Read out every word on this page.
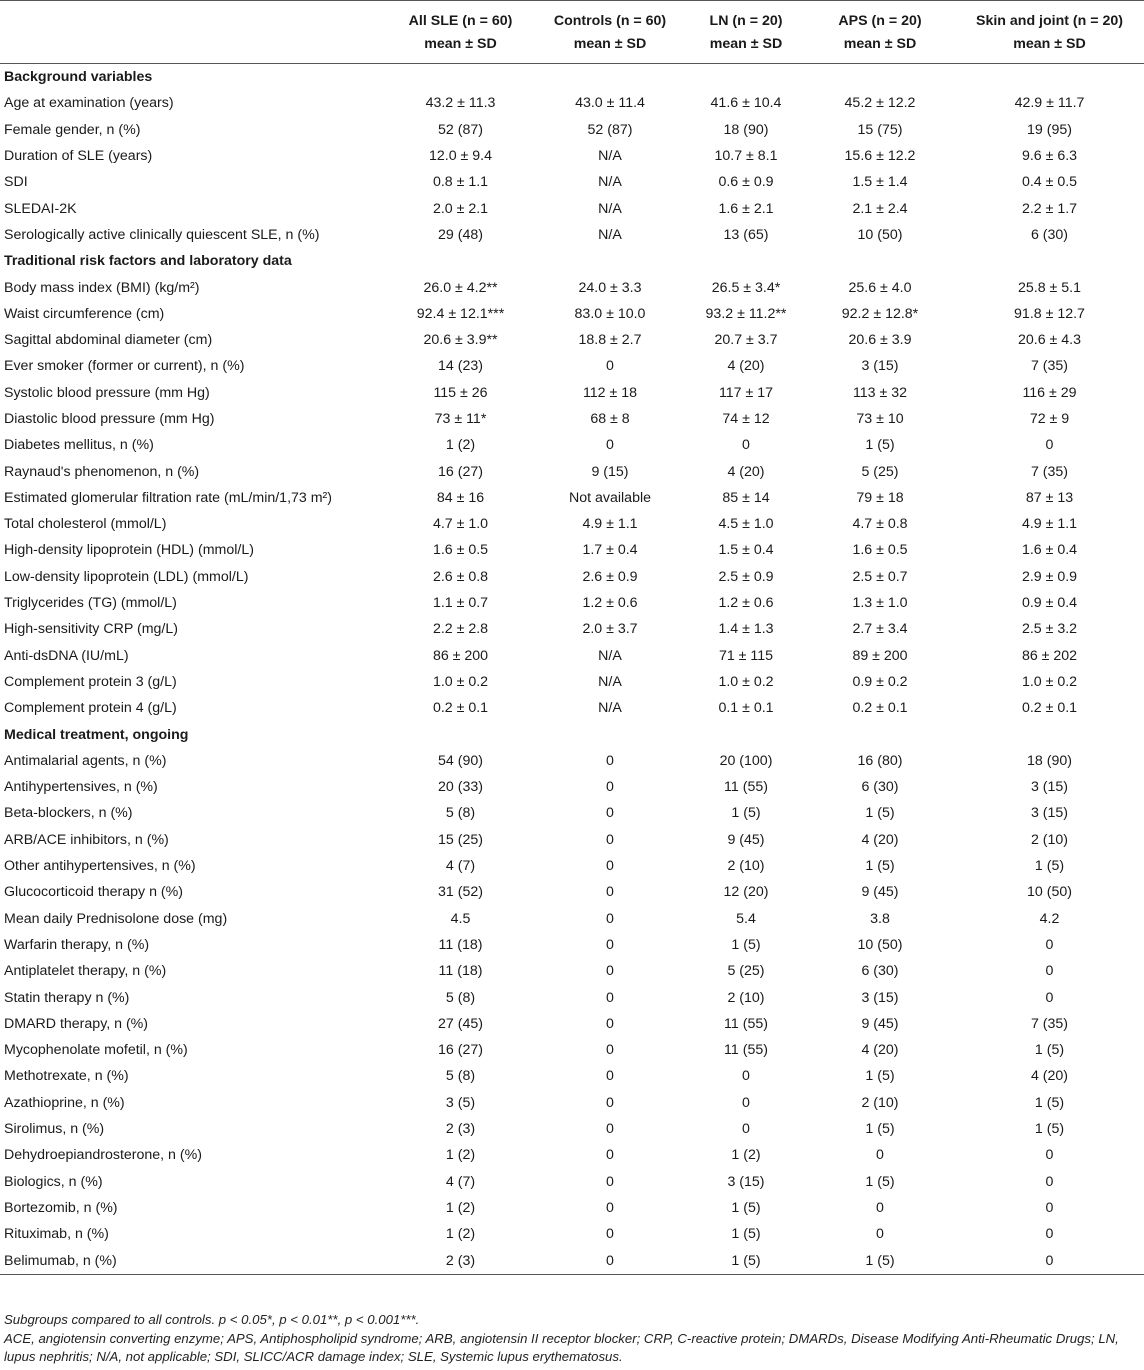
	All SLE (n = 60)	Controls (n = 60)	LN (n = 20)	APS (n = 20)	Skin and joint (n = 20)
	mean ± SD	mean ± SD	mean ± SD	mean ± SD	mean ± SD
Background variables					
Age at examination (years)	43.2 ± 11.3	43.0 ± 11.4	41.6 ± 10.4	45.2 ± 12.2	42.9 ± 11.7
Female gender, n (%)	52 (87)	52 (87)	18 (90)	15 (75)	19 (95)
Duration of SLE (years)	12.0 ± 9.4	N/A	10.7 ± 8.1	15.6 ± 12.2	9.6 ± 6.3
SDI	0.8 ± 1.1	N/A	0.6 ± 0.9	1.5 ± 1.4	0.4 ± 0.5
SLEDAI-2K	2.0 ± 2.1	N/A	1.6 ± 2.1	2.1 ± 2.4	2.2 ± 1.7
Serologically active clinically quiescent SLE, n (%)	29 (48)	N/A	13 (65)	10 (50)	6 (30)
Traditional risk factors and laboratory data					
Body mass index (BMI) (kg/m²)	26.0 ± 4.2**	24.0 ± 3.3	26.5 ± 3.4*	25.6 ± 4.0	25.8 ± 5.1
Waist circumference (cm)	92.4 ± 12.1***	83.0 ± 10.0	93.2 ± 11.2**	92.2 ± 12.8*	91.8 ± 12.7
Sagittal abdominal diameter (cm)	20.6 ± 3.9**	18.8 ± 2.7	20.7 ± 3.7	20.6 ± 3.9	20.6 ± 4.3
Ever smoker (former or current), n (%)	14 (23)	0	4 (20)	3 (15)	7 (35)
Systolic blood pressure (mm Hg)	115 ± 26	112 ± 18	117 ± 17	113 ± 32	116 ± 29
Diastolic blood pressure (mm Hg)	73 ± 11*	68 ± 8	74 ± 12	73 ± 10	72 ± 9
Diabetes mellitus, n (%)	1 (2)	0	0	1 (5)	0
Raynaud's phenomenon, n (%)	16 (27)	9 (15)	4 (20)	5 (25)	7 (35)
Estimated glomerular filtration rate (mL/min/1,73 m²)	84 ± 16	Not available	85 ± 14	79 ± 18	87 ± 13
Total cholesterol (mmol/L)	4.7 ± 1.0	4.9 ± 1.1	4.5 ± 1.0	4.7 ± 0.8	4.9 ± 1.1
High-density lipoprotein (HDL) (mmol/L)	1.6 ± 0.5	1.7 ± 0.4	1.5 ± 0.4	1.6 ± 0.5	1.6 ± 0.4
Low-density lipoprotein (LDL) (mmol/L)	2.6 ± 0.8	2.6 ± 0.9	2.5 ± 0.9	2.5 ± 0.7	2.9 ± 0.9
Triglycerides (TG) (mmol/L)	1.1 ± 0.7	1.2 ± 0.6	1.2 ± 0.6	1.3 ± 1.0	0.9 ± 0.4
High-sensitivity CRP (mg/L)	2.2 ± 2.8	2.0 ± 3.7	1.4 ± 1.3	2.7 ± 3.4	2.5 ± 3.2
Anti-dsDNA (IU/mL)	86 ± 200	N/A	71 ± 115	89 ± 200	86 ± 202
Complement protein 3 (g/L)	1.0 ± 0.2	N/A	1.0 ± 0.2	0.9 ± 0.2	1.0 ± 0.2
Complement protein 4 (g/L)	0.2 ± 0.1	N/A	0.1 ± 0.1	0.2 ± 0.1	0.2 ± 0.1
Medical treatment, ongoing					
Antimalarial agents, n (%)	54 (90)	0	20 (100)	16 (80)	18 (90)
Antihypertensives, n (%)	20 (33)	0	11 (55)	6 (30)	3 (15)
Beta-blockers, n (%)	5 (8)	0	1 (5)	1 (5)	3 (15)
ARB/ACE inhibitors, n (%)	15 (25)	0	9 (45)	4 (20)	2 (10)
Other antihypertensives, n (%)	4 (7)	0	2 (10)	1 (5)	1 (5)
Glucocorticoid therapy n (%)	31 (52)	0	12 (20)	9 (45)	10 (50)
Mean daily Prednisolone dose (mg)	4.5	0	5.4	3.8	4.2
Warfarin therapy, n (%)	11 (18)	0	1 (5)	10 (50)	0
Antiplatelet therapy, n (%)	11 (18)	0	5 (25)	6 (30)	0
Statin therapy n (%)	5 (8)	0	2 (10)	3 (15)	0
DMARD therapy, n (%)	27 (45)	0	11 (55)	9 (45)	7 (35)
Mycophenolate mofetil, n (%)	16 (27)	0	11 (55)	4 (20)	1 (5)
Methotrexate, n (%)	5 (8)	0	0	1 (5)	4 (20)
Azathioprine, n (%)	3 (5)	0	0	2 (10)	1 (5)
Sirolimus, n (%)	2 (3)	0	0	1 (5)	1 (5)
Dehydroepiandrosterone, n (%)	1 (2)	0	1 (2)	0	0
Biologics, n (%)	4 (7)	0	3 (15)	1 (5)	0
Bortezomib, n (%)	1 (2)	0	1 (5)	0	0
Rituximab, n (%)	1 (2)	0	1 (5)	0	0
Belimumab, n (%)	2 (3)	0	1 (5)	1 (5)	0
Subgroups compared to all controls. p < 0.05*, p < 0.01**, p < 0.001***.
ACE, angiotensin converting enzyme; APS, Antiphospholipid syndrome; ARB, angiotensin II receptor blocker; CRP, C-reactive protein; DMARDs, Disease Modifying Anti-Rheumatic Drugs; LN, lupus nephritis; N/A, not applicable; SDI, SLICC/ACR damage index; SLE, Systemic lupus erythematosus.
